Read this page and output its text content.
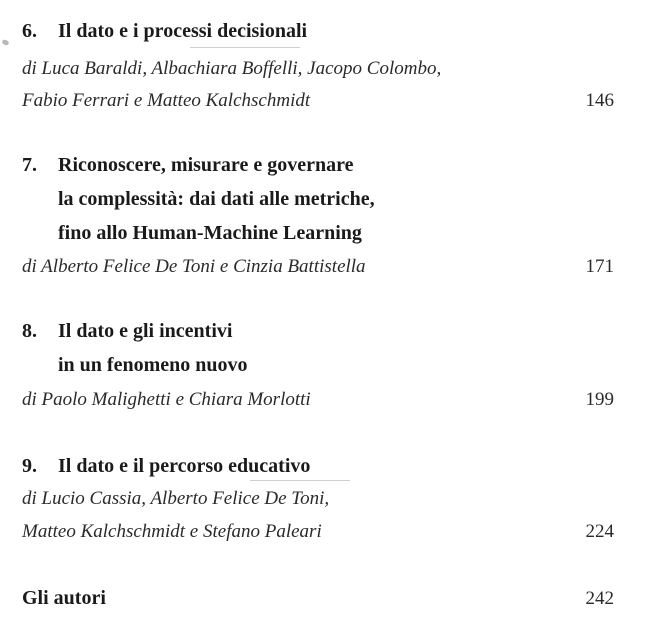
6. Il dato e i processi decisionali
di Luca Baraldi, Albachiara Boffelli, Jacopo Colombo,
Fabio Ferrari e Matteo Kalchschmidt	146
7. Riconoscere, misurare e governare
la complessità: dai dati alle metriche,
fino allo Human-Machine Learning
di Alberto Felice De Toni e Cinzia Battistella	171
8. Il dato e gli incentivi
in un fenomeno nuovo
di Paolo Malighetti e Chiara Morlotti	199
9. Il dato e il percorso educativo
di Lucio Cassia, Alberto Felice De Toni,
Matteo Kalchschmidt e Stefano Paleari	224
Gli autori	242
